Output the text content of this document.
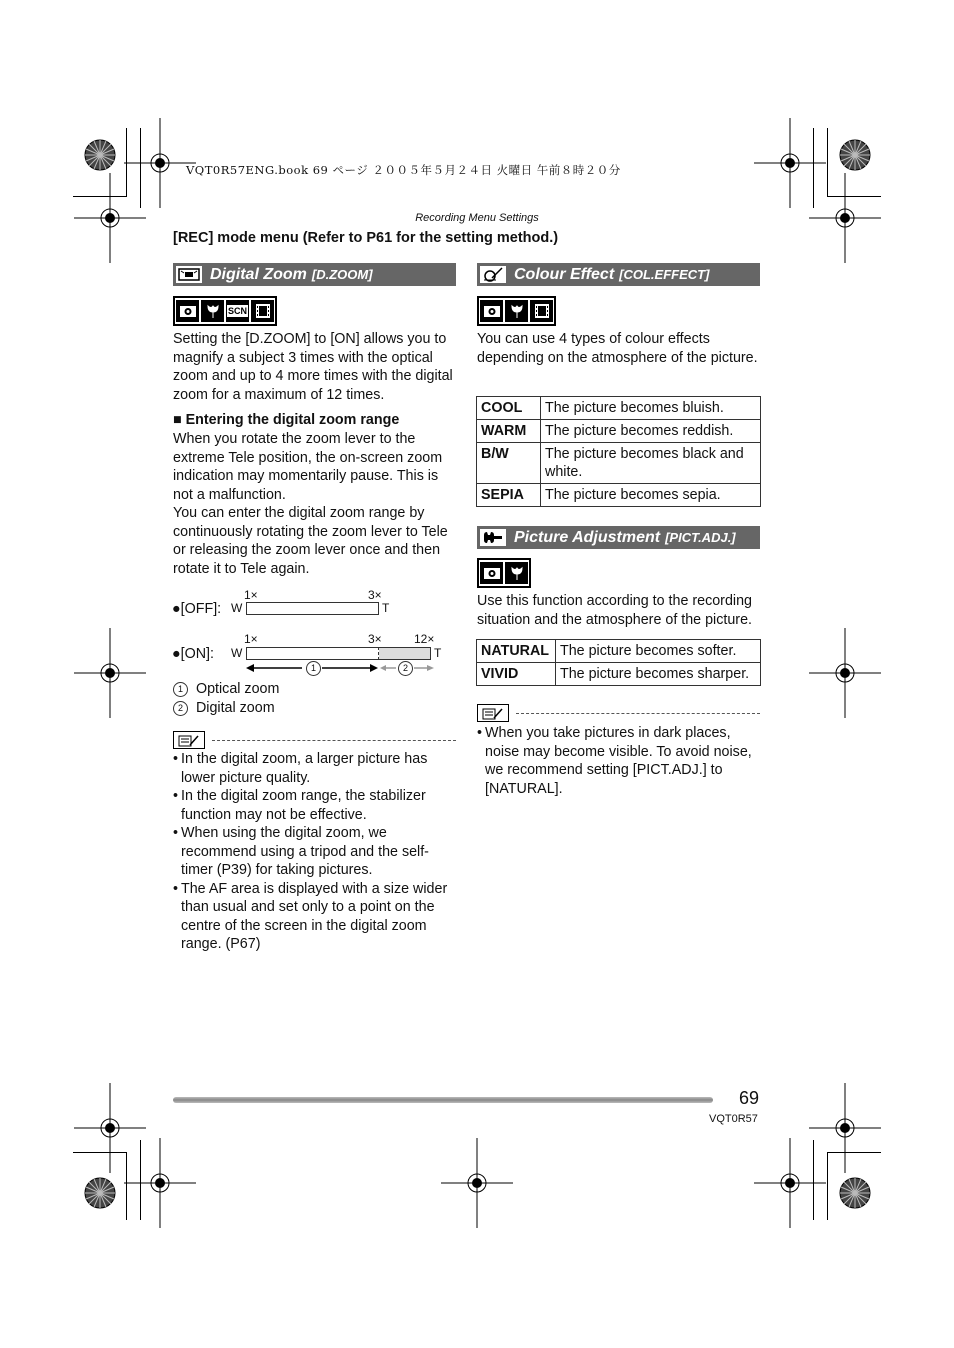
VQT0R57ENG.book 69 ページ ２００５年５月２４日 火曜日 午前８時２０分
Recording Menu Settings
[REC] mode menu (Refer to P61 for the setting method.)
Digital Zoom [D.ZOOM]
SCN
Setting the [D.ZOOM] to [ON] allows you to magnify a subject 3 times with the optical zoom and up to 4 more times with the digital zoom for a maximum of 12 times.
■ Entering the digital zoom range
When you rotate the zoom lever to the extreme Tele position, the on-screen zoom indication may momentarily pause. This is not a malfunction.
You can enter the digital zoom range by continuously rotating the zoom lever to Tele or releasing the zoom lever once and then rotate it to Tele again.
1×	3×
●[OFF]: W	T
1×	3×	12×
●[ON]: W	T
1	2
1 Optical zoom
2 Digital zoom
• In the digital zoom, a larger picture has lower picture quality.
• In the digital zoom range, the stabilizer function may not be effective.
• When using the digital zoom, we recommend using a tripod and the self-timer (P39) for taking pictures.
• The AF area is displayed with a size wider than usual and set only to a point on the centre of the screen in the digital zoom range. (P67)
Colour Effect [COL.EFFECT]
You can use 4 types of colour effects depending on the atmosphere of the picture.
COOL	The picture becomes bluish.
WARM	The picture becomes reddish.
B/W	The picture becomes black and white.
SEPIA	The picture becomes sepia.
Picture Adjustment [PICT.ADJ.]
Use this function according to the recording situation and the atmosphere of the picture.
NATURAL	The picture becomes softer.
VIVID	The picture becomes sharper.
• When you take pictures in dark places, noise may become visible. To avoid noise, we recommend setting [PICT.ADJ.] to [NATURAL].
69
VQT0R57
